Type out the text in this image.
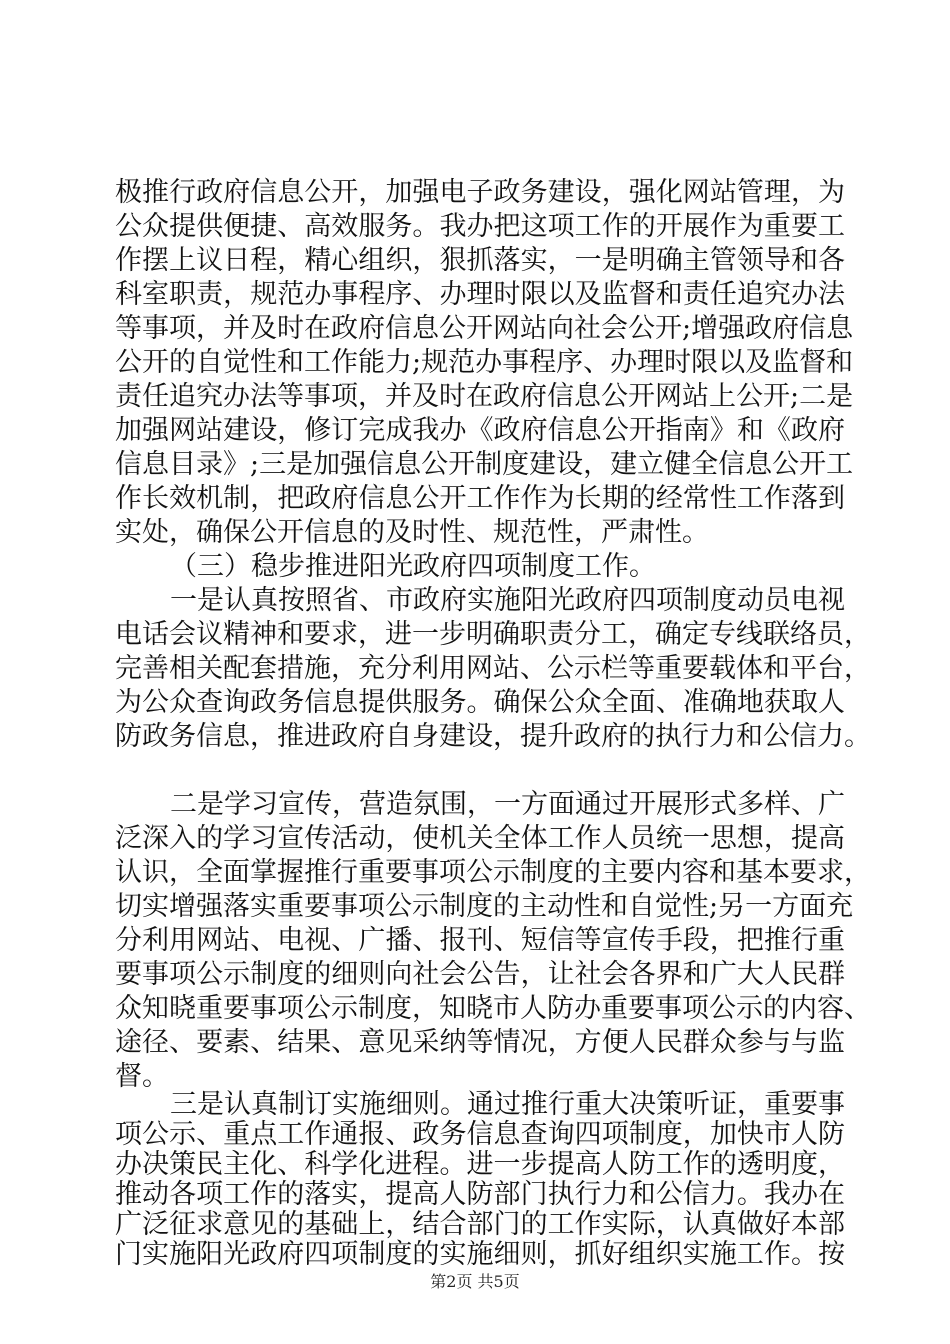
极推行政府信息公开，加强电子政务建设，强化网站管理，为
公众提供便捷、高效服务。我办把这项工作的开展作为重要工
作摆上议日程，精心组织，狠抓落实，一是明确主管领导和各
科室职责，规范办事程序、办理时限以及监督和责任追究办法
等事项，并及时在政府信息公开网站向社会公开;增强政府信息
公开的自觉性和工作能力;规范办事程序、办理时限以及监督和
责任追究办法等事项，并及时在政府信息公开网站上公开;二是
加强网站建设，修订完成我办《政府信息公开指南》和《政府
信息目录》;三是加强信息公开制度建设，建立健全信息公开工
作长效机制，把政府信息公开工作作为长期的经常性工作落到
实处，确保公开信息的及时性、规范性，严肃性。
（三）稳步推进阳光政府四项制度工作。
一是认真按照省、市政府实施阳光政府四项制度动员电视
电话会议精神和要求，进一步明确职责分工，确定专线联络员，
完善相关配套措施，充分利用网站、公示栏等重要载体和平台，
为公众查询政务信息提供服务。确保公众全面、准确地获取人
防政务信息，推进政府自身建设，提升政府的执行力和公信力。
二是学习宣传，营造氛围，一方面通过开展形式多样、广
泛深入的学习宣传活动，使机关全体工作人员统一思想，提高
认识，全面掌握推行重要事项公示制度的主要内容和基本要求，
切实增强落实重要事项公示制度的主动性和自觉性;另一方面充
分利用网站、电视、广播、报刊、短信等宣传手段，把推行重
要事项公示制度的细则向社会公告，让社会各界和广大人民群
众知晓重要事项公示制度，知晓市人防办重要事项公示的内容、
途径、要素、结果、意见采纳等情况，方便人民群众参与与监
督。
三是认真制订实施细则。通过推行重大决策听证，重要事
项公示、重点工作通报、政务信息查询四项制度，加快市人防
办决策民主化、科学化进程。进一步提高人防工作的透明度，
推动各项工作的落实，提高人防部门执行力和公信力。我办在
广泛征求意见的基础上，结合部门的工作实际，认真做好本部
第2页 共5页
门实施阳光政府四项制度的实施细则，抓好组织实施工作。按
